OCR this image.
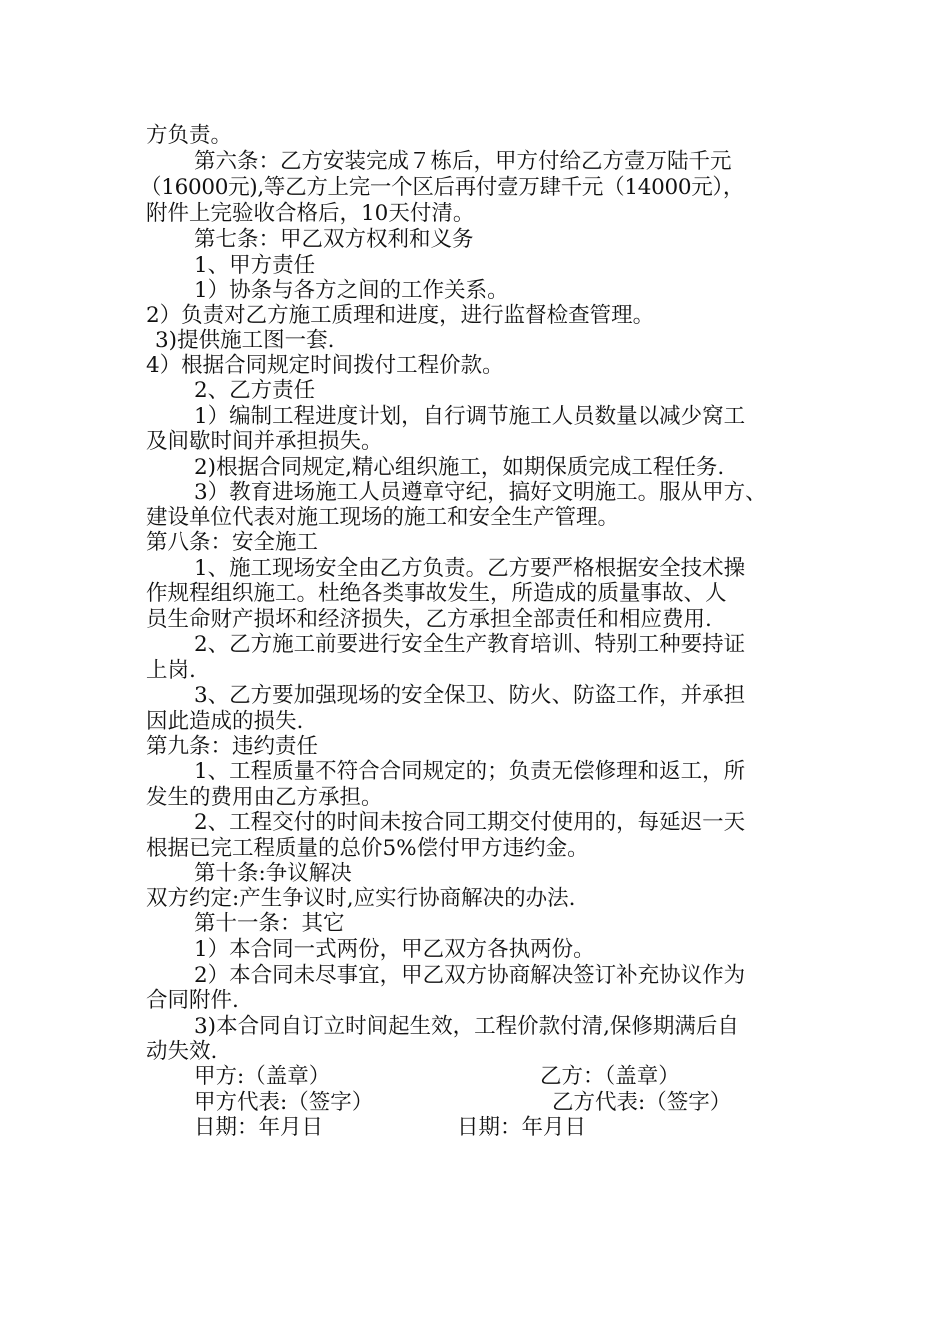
方负责。
第六条：乙方安装完成７栋后，甲方付给乙方壹万陆千元
（16000元),等乙方上完一个区后再付壹万肆千元（14000元），
附件上完验收合格后，10天付清。
第七条：甲乙双方权利和义务
1、甲方责任
1）协条与各方之间的工作关系。
2）负责对乙方施工质理和进度，进行监督检查管理。
3)提供施工图一套.
4）根据合同规定时间拨付工程价款。
2、乙方责任
1）编制工程进度计划，自行调节施工人员数量以减少窝工
及间歇时间并承担损失。
2)根据合同规定,精心组织施工，如期保质完成工程任务.
3）教育进场施工人员遵章守纪，搞好文明施工。服从甲方、
建设单位代表对施工现场的施工和安全生产管理。
第八条：安全施工
1、施工现场安全由乙方负责。乙方要严格根据安全技术操
作规程组织施工。杜绝各类事故发生，所造成的质量事故、人
员生命财产损坏和经济损失，乙方承担全部责任和相应费用.
2、乙方施工前要进行安全生产教育培训、特别工种要持证
上岗.
3、乙方要加强现场的安全保卫、防火、防盗工作，并承担
因此造成的损失.
第九条：违约责任
1、工程质量不符合合同规定的；负责无偿修理和返工，所
发生的费用由乙方承担。
2、工程交付的时间未按合同工期交付使用的，每延迟一天
根据已完工程质量的总价5%偿付甲方违约金。
第十条:争议解决
双方约定:产生争议时,应实行协商解决的办法.
第十一条：其它
1）本合同一式两份，甲乙双方各执两份。
2）本合同未尽事宜，甲乙双方协商解决签订补充协议作为
合同附件.
3)本合同自订立时间起生效，工程价款付清,保修期满后自
动失效.
甲方:（盖章）	乙方：（盖章）
甲方代表:（签字）	乙方代表:（签字）
日期：年月日	日期：年月日
